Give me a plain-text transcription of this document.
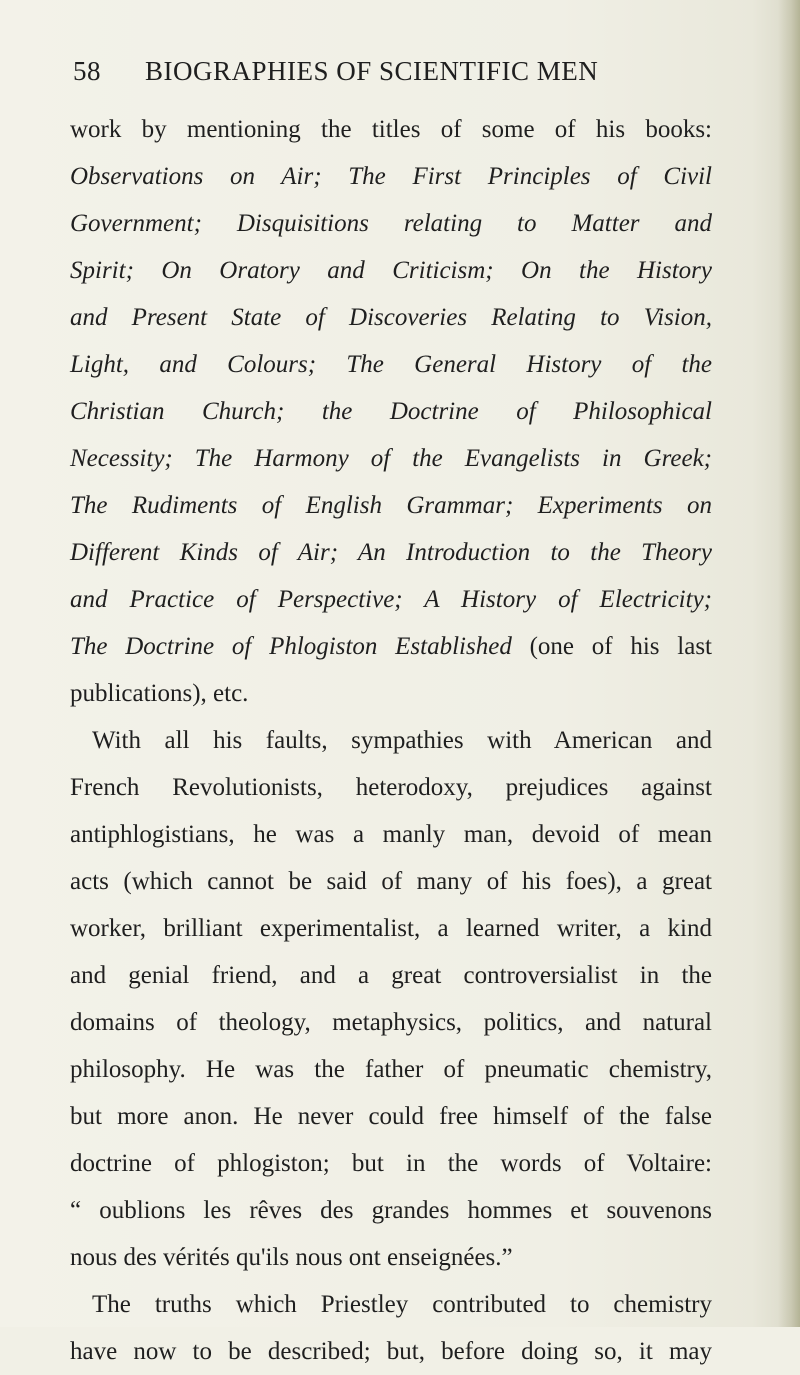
58 BIOGRAPHIES OF SCIENTIFIC MEN
work by mentioning the titles of some of his books:
Observations on Air; The First Principles of Civil
Government; Disquisitions relating to Matter and
Spirit; On Oratory and Criticism; On the History
and Present State of Discoveries Relating to Vision,
Light, and Colours; The General History of the
Christian Church; the Doctrine of Philosophical
Necessity; The Harmony of the Evangelists in Greek;
The Rudiments of English Grammar; Experiments on
Different Kinds of Air; An Introduction to the Theory
and Practice of Perspective; A History of Electricity;
The Doctrine of Phlogiston Established (one of his last
publications), etc.
With all his faults, sympathies with American and
French Revolutionists, heterodoxy, prejudices against
antiphlogistians, he was a manly man, devoid of mean
acts (which cannot be said of many of his foes), a great
worker, brilliant experimentalist, a learned writer, a kind
and genial friend, and a great controversialist in the
domains of theology, metaphysics, politics, and natural
philosophy. He was the father of pneumatic chemistry,
but more anon. He never could free himself of the false
doctrine of phlogiston; but in the words of Voltaire:
“ oublions les rêves des grandes hommes et souvenons
nous des vérités qu'ils nous ont enseignées.”
The truths which Priestley contributed to chemistry
have now to be described; but, before doing so, it may
